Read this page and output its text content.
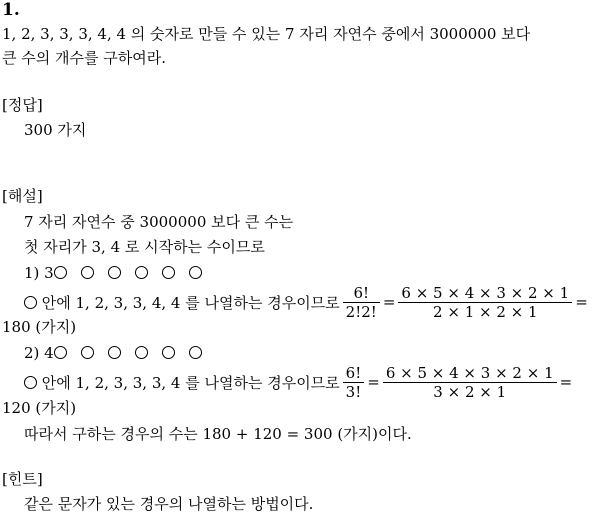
1.
1, 2, 3, 3, 3, 4, 4 의 숫자로 만들 수 있는 7 자리 자연수 중에서 3000000 보다
큰 수의 개수를 구하여라.
[정답]
300 가지
[해설]
7 자리 자연수 중 3000000 보다 큰 수는
첫 자리가 3, 4 로 시작하는 수이므로
1) 3
안에 1, 2, 3, 3, 4, 4 를 나열하는 경우이므로 $\frac{6!}{2!2!} = \frac{6 \times 5 \times 4 \times 3 \times 2 \times 1}{2 \times 1 \times 2 \times 1}$ =
180 (가지)
2) 4
안에 1, 2, 3, 3, 3, 4 를 나열하는 경우이므로 $\frac{6!}{3!} = \frac{6 \times 5 \times 4 \times 3 \times 2 \times 1}{3 \times 2 \times 1}$ =
120 (가지)
따라서 구하는 경우의 수는 180 + 120 = 300 (가지)이다.
[힌트]
같은 문자가 있는 경우의 나열하는 방법이다.
